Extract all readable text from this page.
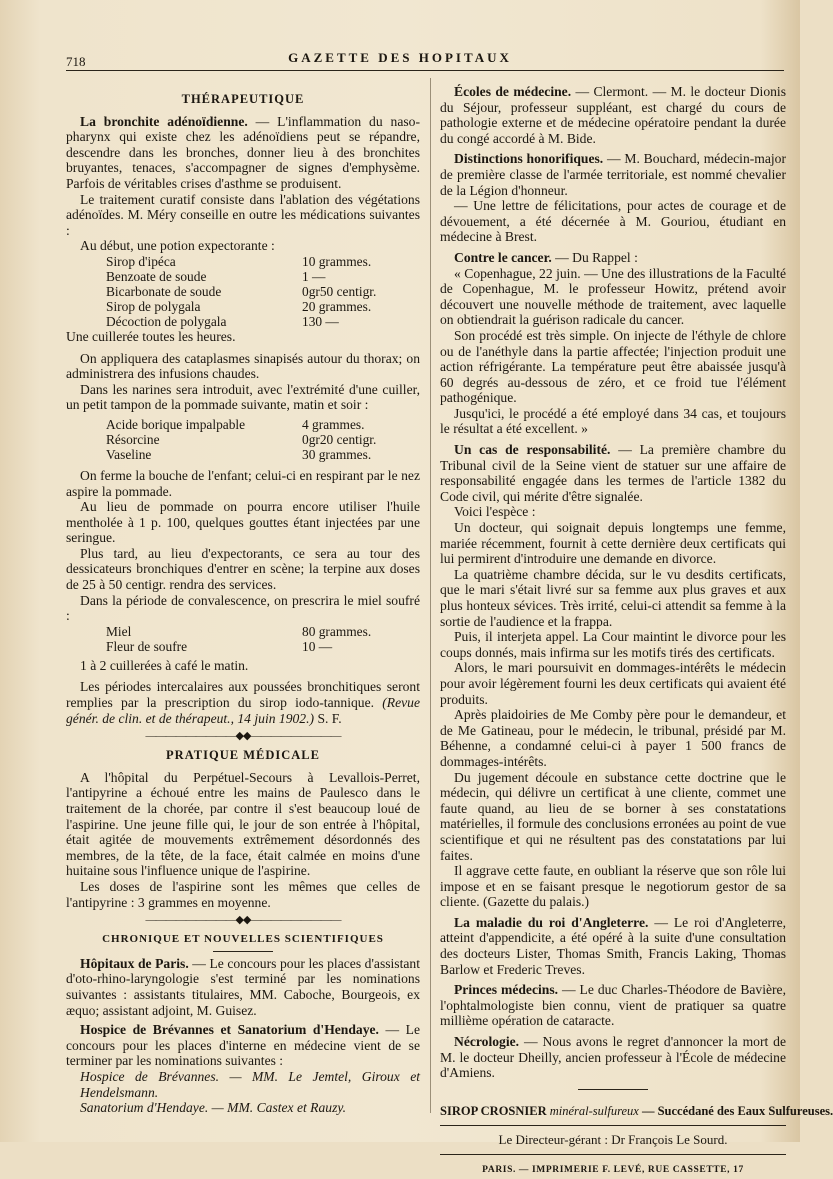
718	GAZETTE DES HOPITAUX
THÉRAPEUTIQUE

La bronchite adénoïdienne. — L'inflammation du naso-pharynx qui existe chez les adénoïdiens peut se répandre, descendre dans les bronches, donner lieu à des bronchites bruyantes, tenaces, s'accompagner de signes d'emphysème. Parfois de véritables crises d'asthme se produisent.

Le traitement curatif consiste dans l'ablation des végétations adénoïdes. M. Méry conseille en outre les médications suivantes :

Au début, une potion expectorante :

Sirop d'ipéca	10 grammes.
Benzoate de soude	1 —
Bicarbonate de soude	0gr50 centigr.
Sirop de polygala	20 grammes.
Décoction de polygala	130 —

Une cuillerée toutes les heures.

On appliquera des cataplasmes sinapisés autour du thorax; on administrera des infusions chaudes.

Dans les narines sera introduit, avec l'extrémité d'une cuiller, un petit tampon de la pommade suivante, matin et soir :

Acide borique impalpable	4 grammes.
Résorcine	0gr20 centigr.
Vaseline	30 grammes.

On ferme la bouche de l'enfant; celui-ci en respirant par le nez aspire la pommade.

Au lieu de pommade on pourra encore utiliser l'huile mentholée à 1 p. 100, quelques gouttes étant injectées par une seringue.

Plus tard, au lieu d'expectorants, ce sera au tour des dessicateurs bronchiques d'entrer en scène; la terpine aux doses de 25 à 50 centigr. rendra des services.

Dans la période de convalescence, on prescrira le miel soufré :

Miel	80 grammes.
Fleur de soufre	10 —

1 à 2 cuillerées à café le matin.

Les périodes intercalaires aux poussées bronchitiques seront remplies par la prescription du sirop iodo-tannique. (Revue génér. de clin. et de thérapeut., 14 juin 1902.) S. F.

—————————◆◆—————————
PRATIQUE MÉDICALE

A l'hôpital du Perpétuel-Secours à Levallois-Perret, l'antipyrine a échoué entre les mains de Paulesco dans le traitement de la chorée, par contre il s'est beaucoup loué de l'aspirine. Une jeune fille qui, le jour de son entrée à l'hôpital, était agitée de mouvements extrêmement désordonnés des membres, de la tête, de la face, était calmée en moins d'une huitaine sous l'influence unique de l'aspirine.

Les doses de l'aspirine sont les mêmes que celles de l'antipyrine : 3 grammes en moyenne.

—————————◆◆—————————
CHRONIQUE ET NOUVELLES SCIENTIFIQUES

Hôpitaux de Paris. — Le concours pour les places d'assistant d'oto-rhino-laryngologie s'est terminé par les nominations suivantes : assistants titulaires, MM. Caboche, Bourgeois, ex æquo; assistant adjoint, M. Guisez.

Hospice de Brévannes et Sanatorium d'Hendaye. — Le concours pour les places d'interne en médecine vient de se terminer par les nominations suivantes :

Hospice de Brévannes. — MM. Le Jemtel, Giroux et Hendelsmann.

Sanatorium d'Hendaye. — MM. Castex et Rauzy.

Écoles de médecine. — Clermont. — M. le docteur Dionis du Séjour, professeur suppléant, est chargé du cours de pathologie externe et de médecine opératoire pendant la durée du congé accordé à M. Bide.

Distinctions honorifiques. — M. Bouchard, médecin-major de première classe de l'armée territoriale, est nommé chevalier de la Légion d'honneur.

— Une lettre de félicitations, pour actes de courage et de dévouement, a été décernée à M. Gouriou, étudiant en médecine à Brest.

Contre le cancer. — Du Rappel :

« Copenhague, 22 juin. — Une des illustrations de la Faculté de Copenhague, M. le professeur Howitz, prétend avoir découvert une nouvelle méthode de traitement, avec laquelle on obtiendrait la guérison radicale du cancer.

Son procédé est très simple. On injecte de l'éthyle de chlore ou de l'anéthyle dans la partie affectée; l'injection produit une action réfrigérante. La température peut être abaissée jusqu'à 60 degrés au-dessous de zéro, et ce froid tue l'élément pathogénique.

Jusqu'ici, le procédé a été employé dans 34 cas, et toujours le résultat a été excellent. »

Un cas de responsabilité. — La première chambre du Tribunal civil de la Seine vient de statuer sur une affaire de responsabilité engagée dans les termes de l'article 1382 du Code civil, qui mérite d'être signalée.

Voici l'espèce :

Un docteur, qui soignait depuis longtemps une femme, mariée récemment, fournit à cette dernière deux certificats qui lui permirent d'introduire une demande en divorce.

La quatrième chambre décida, sur le vu desdits certificats, que le mari s'était livré sur sa femme aux plus graves et aux plus honteux sévices. Très irrité, celui-ci attendit sa femme à la sortie de l'audience et la frappa.

Puis, il interjeta appel. La Cour maintint le divorce pour les coups donnés, mais infirma sur les motifs tirés des certificats.

Alors, le mari poursuivit en dommages-intérêts le médecin pour avoir légèrement fourni les deux certificats qui avaient été produits.

Après plaidoiries de Me Comby père pour le demandeur, et de Me Gatineau, pour le médecin, le tribunal, présidé par M. Béhenne, a condamné celui-ci à payer 1 500 francs de dommages-intérêts.

Du jugement découle en substance cette doctrine que le médecin, qui délivre un certificat à une cliente, commet une faute quand, au lieu de se borner à ses constatations matérielles, il formule des conclusions erronées au point de vue scientifique et qui ne résultent pas des constatations par lui faites.

Il aggrave cette faute, en oubliant la réserve que son rôle lui impose et en se faisant presque le negotiorum gestor de sa cliente. (Gazette du palais.)

La maladie du roi d'Angleterre. — Le roi d'Angleterre, atteint d'appendicite, a été opéré à la suite d'une consultation des docteurs Lister, Thomas Smith, Francis Laking, Thomas Barlow et Frederic Treves.

Princes médecins. — Le duc Charles-Théodore de Bavière, l'ophtalmologiste bien connu, vient de pratiquer sa quatre millième opération de cataracte.

Nécrologie. — Nous avons le regret d'annoncer la mort de M. le docteur Dheilly, ancien professeur à l'École de médecine d'Amiens.

SIROP CROSNIER minéral-sulfureux — Succédané des Eaux Sulfureuses.
Le Directeur-gérant : Dr François Le Sourd.
PARIS. — IMPRIMERIE F. LEVÉ, RUE CASSETTE, 17
